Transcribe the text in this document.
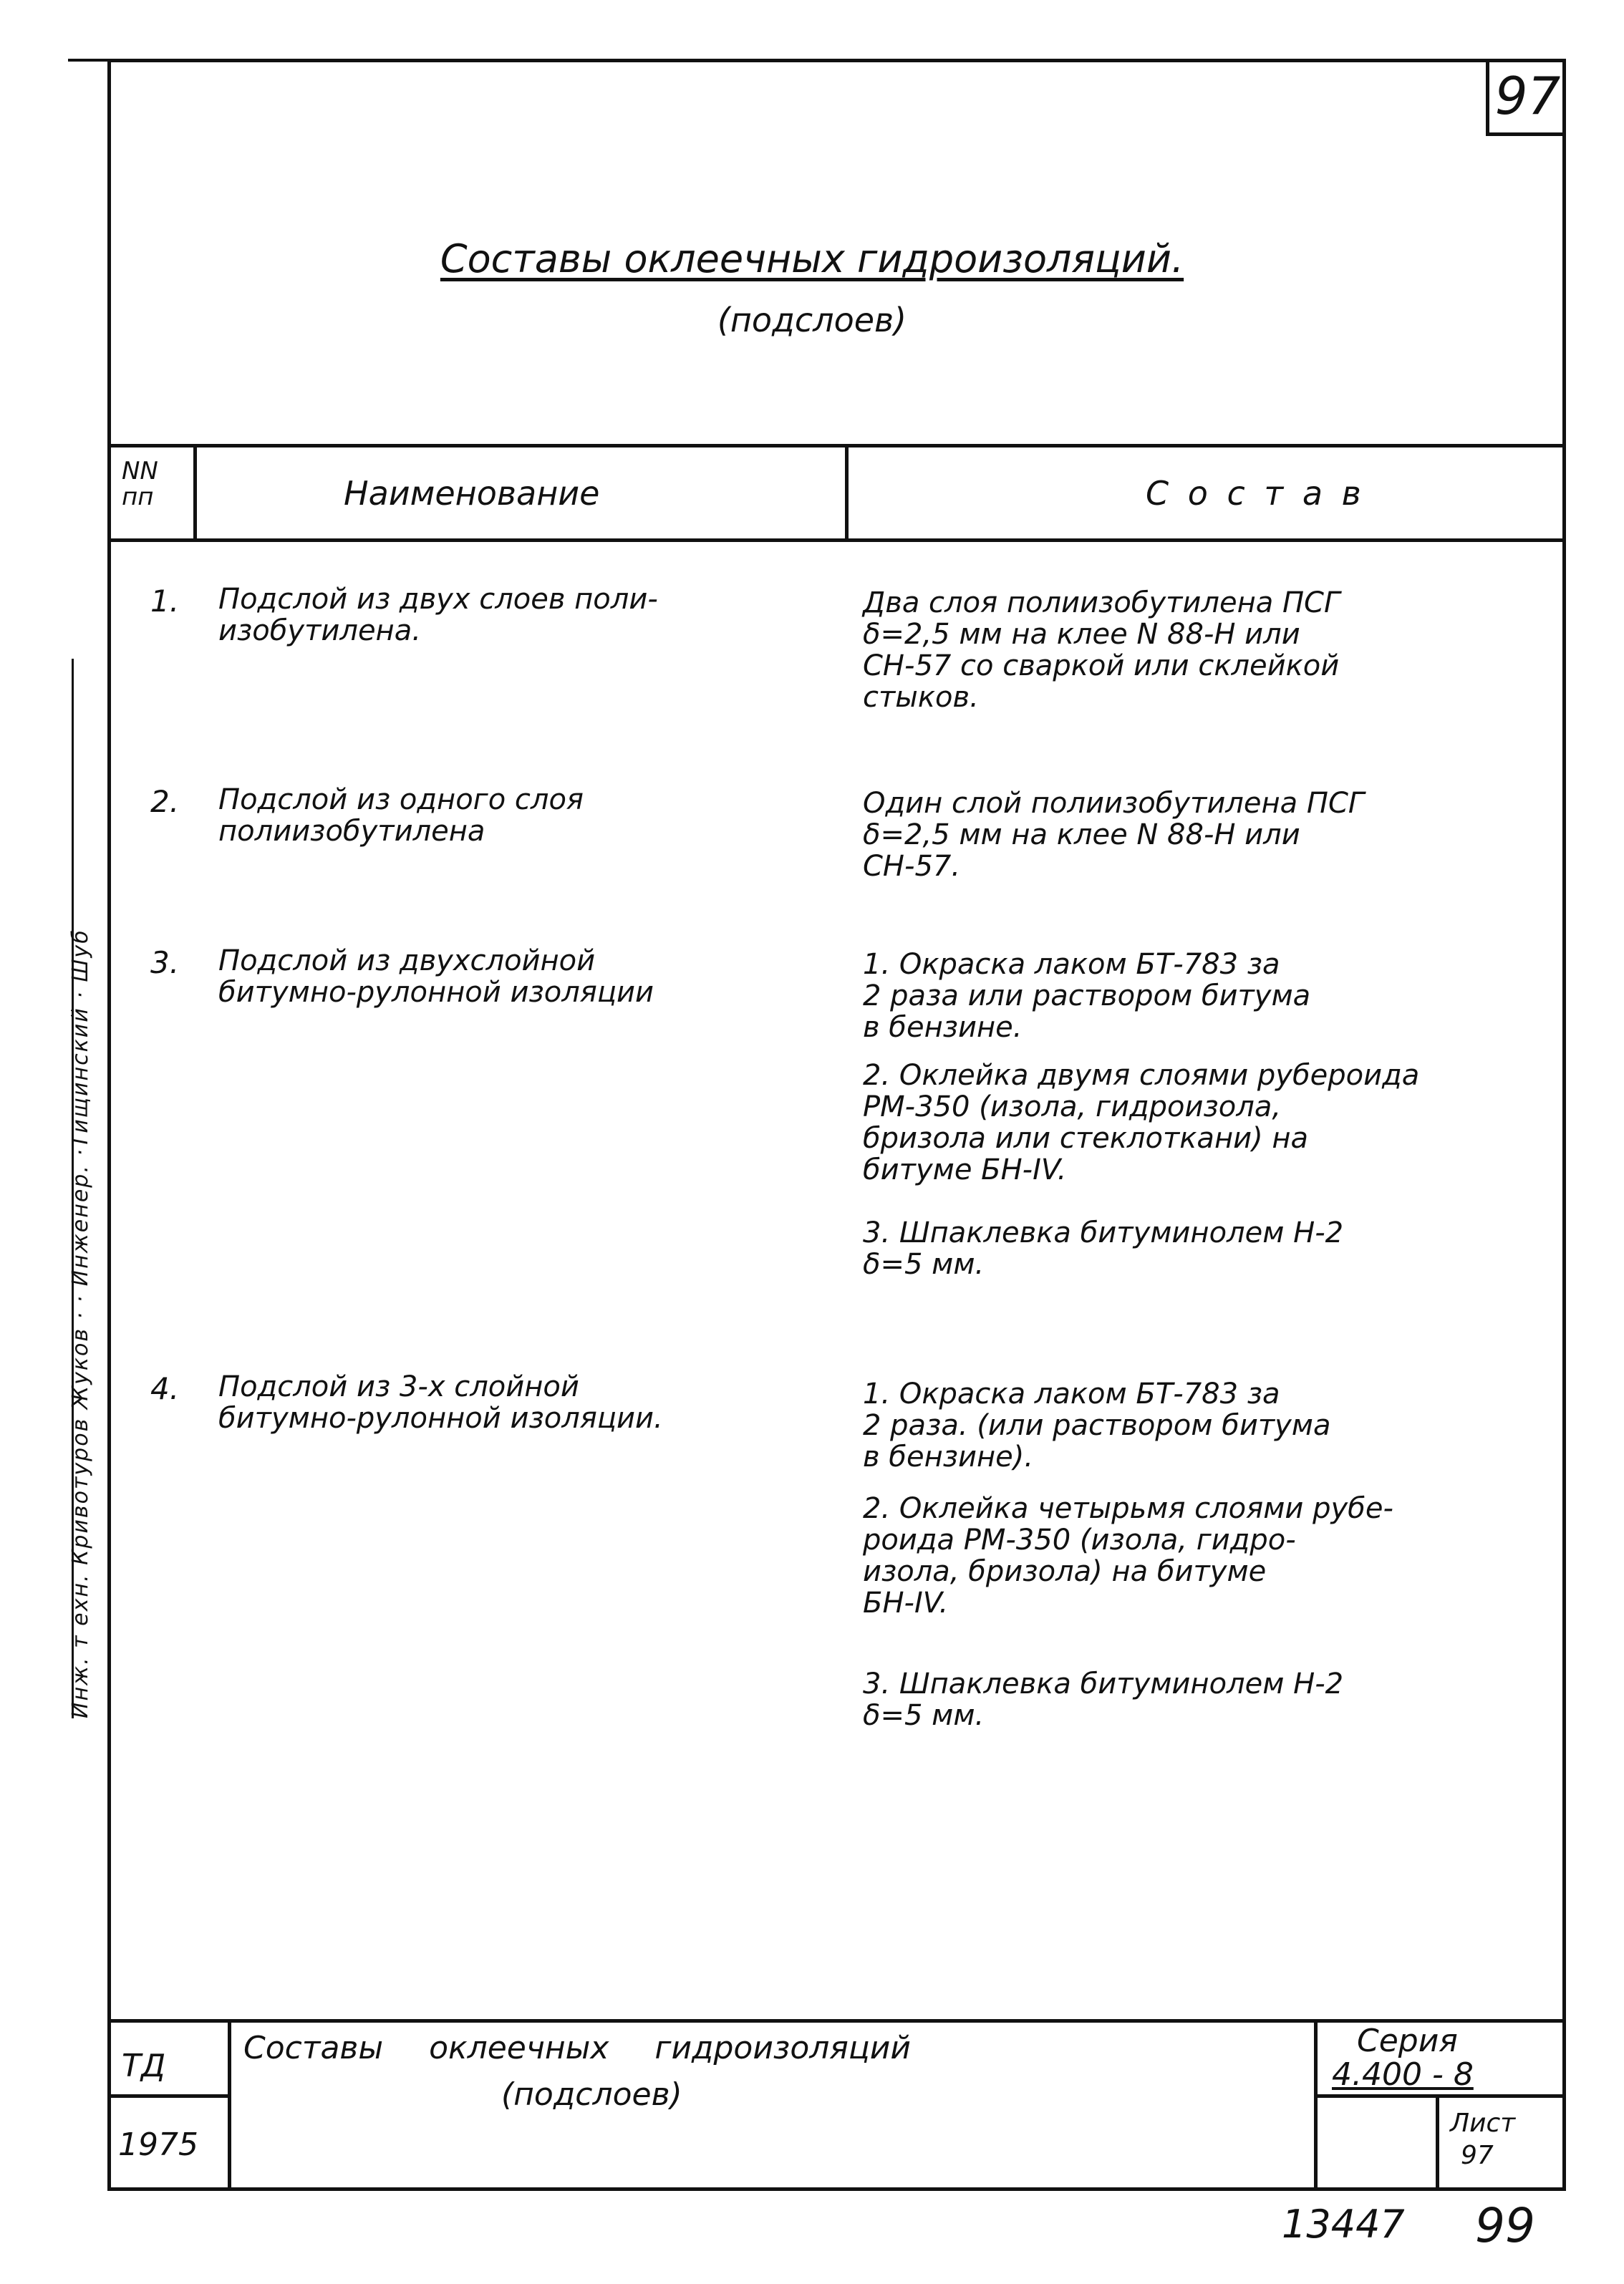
97
Составы оклеечных гидроизоляций.
(подслоев)
NN пп	Наименование	С о с т а в
1. Подслой из двух слоев поли-
изобутилена.
Два слоя полиизобутилена ПСГ
δ=2,5 мм на клее N 88-Н или
СН-57 со сваркой или склейкой
стыков.
2. Подслой из одного слоя
полиизобутилена
Один слой полиизобутилена ПСГ
δ=2,5 мм на клее N 88-Н или
СН-57.
3. Подслой из двухслойной
битумно-рулонной изоляции
1. Окраска лаком БТ-783 за
2 раза или раствором битума
в бензине.
2. Оклейка двумя слоями рубероида
РМ-350 (изола, гидроизола,
бризола или стеклоткани) на
битуме БН-IV.
3. Шпаклевка битуминолем Н-2
δ=5 мм.
4. Подслой из 3-х слойной
битумно-рулонной изоляции.
1. Окраска лаком БТ-783 за
2 раза. (или раствором битума
в бензине).
2. Оклейка четырьмя слоями рубе-
роида РМ-350 (изола, гидро-
изола, бризола) на битуме
БН-IV.
3. Шпаклевка битуминолем Н-2
δ=5 мм.
Инж. т ехн. Кривотуров Жуков · · Инженер. ·Тищинский · Шуб
ТД
1975
Составы  оклеечных  гидроизоляций
(подслоев)
Серия
4.400 - 8
Лист
97
13447 99
